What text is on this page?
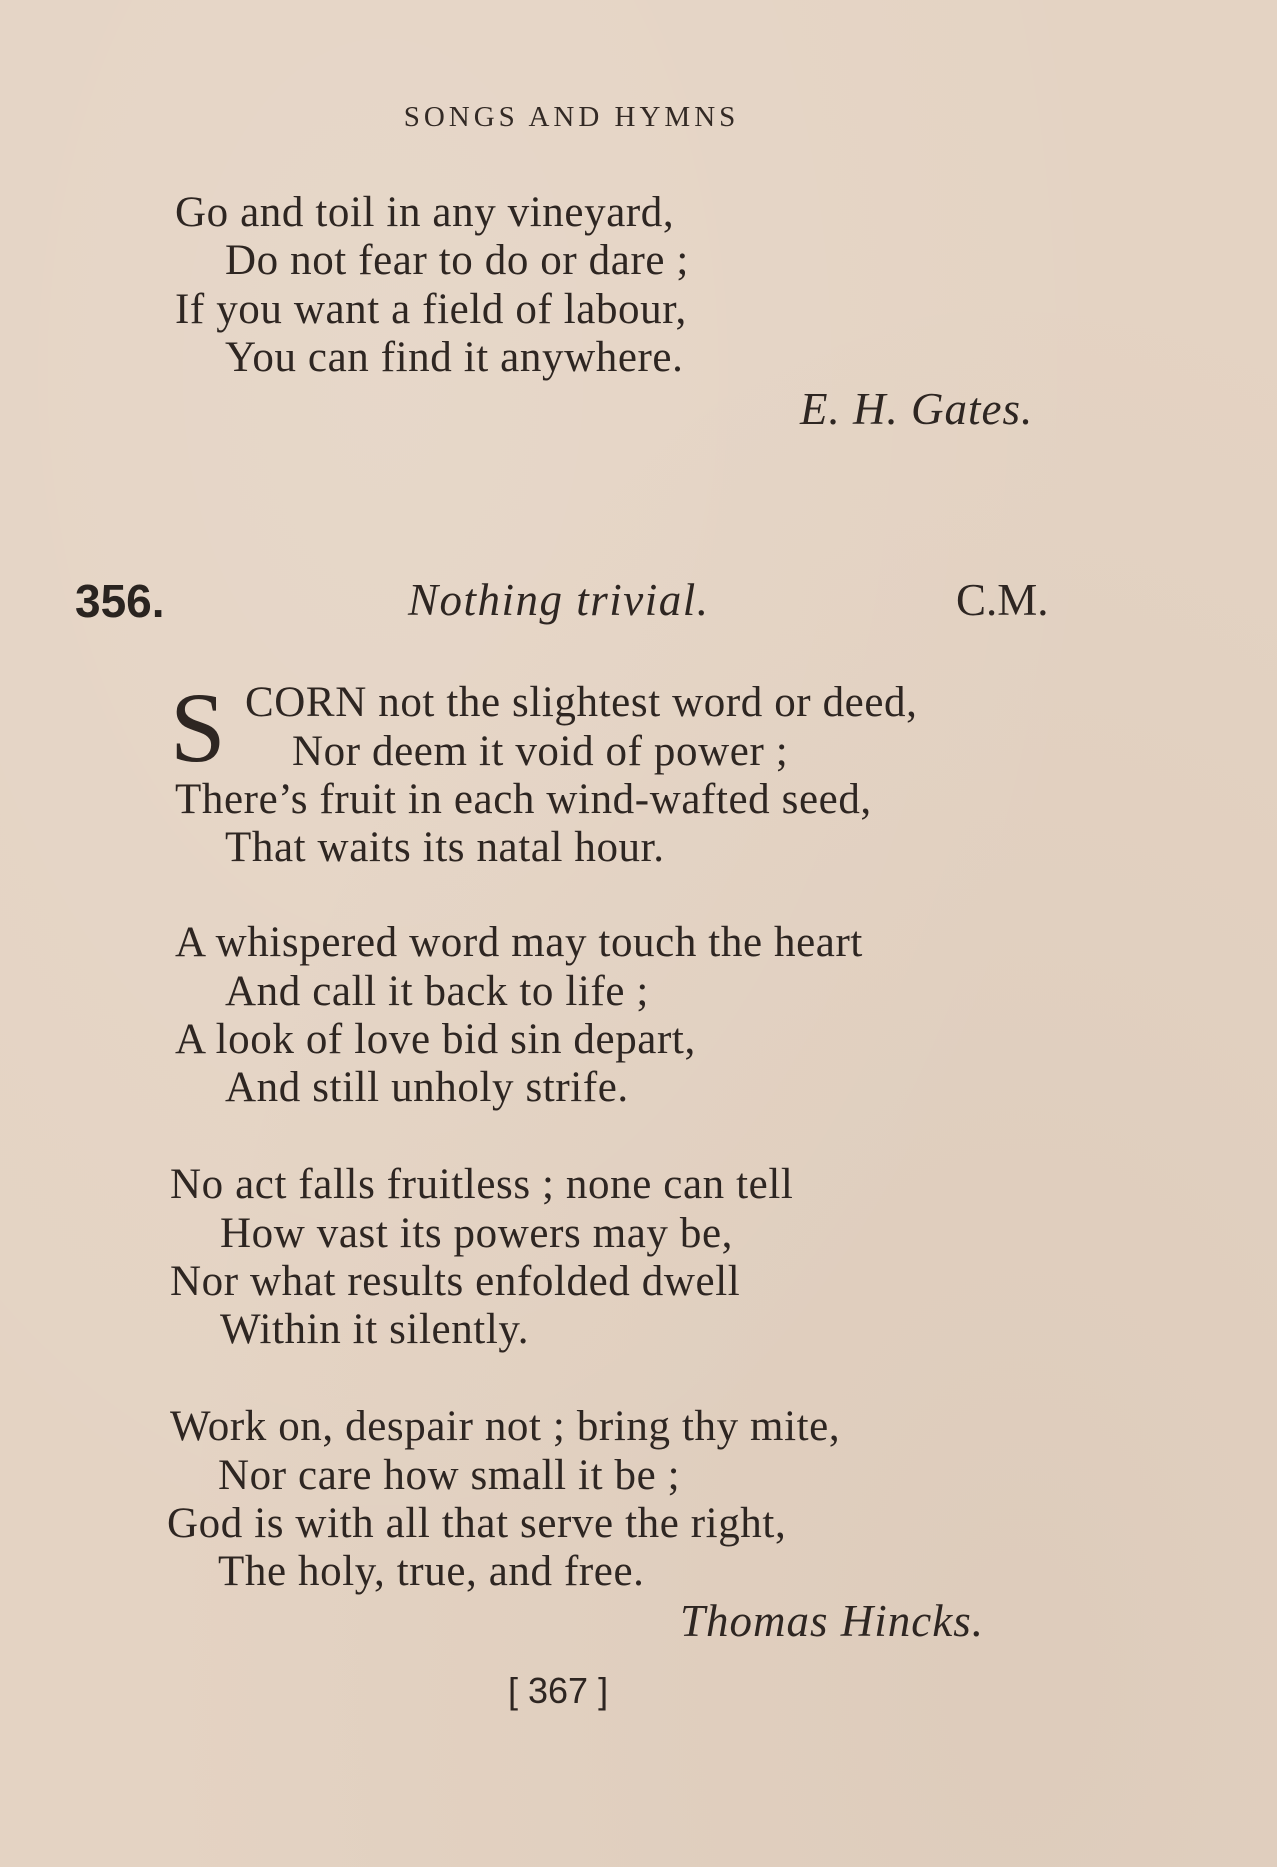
SONGS AND HYMNS
Go and toil in any vineyard,
Do not fear to do or dare ;
If you want a field of labour,
You can find it anywhere.
E. H. Gates.
356.	Nothing trivial.	C.M.
S CORN not the slightest word or deed,
Nor deem it void of power ;
There’s fruit in each wind-wafted seed,
That waits its natal hour.
A whispered word may touch the heart
And call it back to life ;
A look of love bid sin depart,
And still unholy strife.
No act falls fruitless ; none can tell
How vast its powers may be,
Nor what results enfolded dwell
Within it silently.
Work on, despair not ; bring thy mite,
Nor care how small it be ;
God is with all that serve the right,
The holy, true, and free.
Thomas Hincks.
[ 367 ]
